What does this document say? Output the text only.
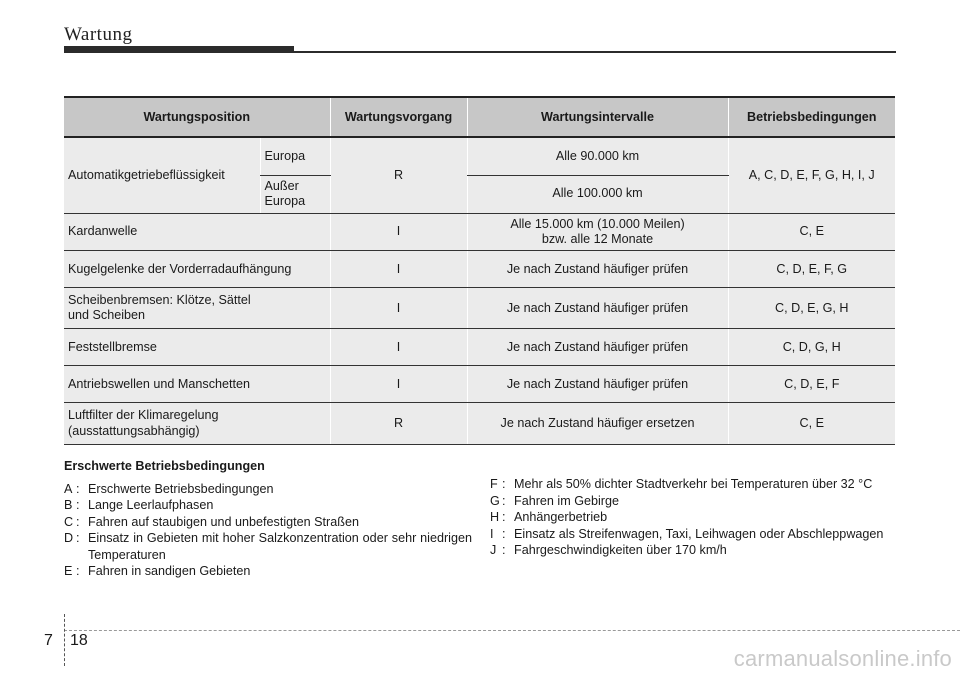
Wartung
Wartungsposition		Wartungsvorgang	Wartungsintervalle	Betriebsbedingungen
Automatikgetriebeflüssigkeit	Europa	R	Alle 90.000 km	A, C, D, E, F, G, H, I, J
	Außer Europa		Alle 100.000 km	
Kardanwelle		I	Alle 15.000 km (10.000 Meilen) bzw. alle 12 Monate	C, E
Kugelgelenke der Vorderradaufhängung		I	Je nach Zustand häufiger prüfen	C, D, E, F, G
Scheibenbremsen: Klötze, Sättel und Scheiben		I	Je nach Zustand häufiger prüfen	C, D, E, G, H
Feststellbremse		I	Je nach Zustand häufiger prüfen	C, D, G, H
Antriebswellen und Manschetten		I	Je nach Zustand häufiger prüfen	C, D, E, F
Luftfilter der Klimaregelung (ausstattungsabhängig)		R	Je nach Zustand häufiger ersetzen	C, E
Erschwerte Betriebsbedingungen
A : Erschwerte Betriebsbedingungen
B : Lange Leerlaufphasen
C : Fahren auf staubigen und unbefestigten Straßen
D : Einsatz in Gebieten mit hoher Salzkonzentration oder sehr niedrigen Temperaturen
E : Fahren in sandigen Gebieten
F : Mehr als 50% dichter Stadtverkehr bei Temperaturen über 32 °C
G : Fahren im Gebirge
H : Anhängerbetrieb
I : Einsatz als Streifenwagen, Taxi, Leihwagen oder Abschleppwagen
J : Fahrgeschwindigkeiten über 170 km/h
7 18
carmanualsonline.info
